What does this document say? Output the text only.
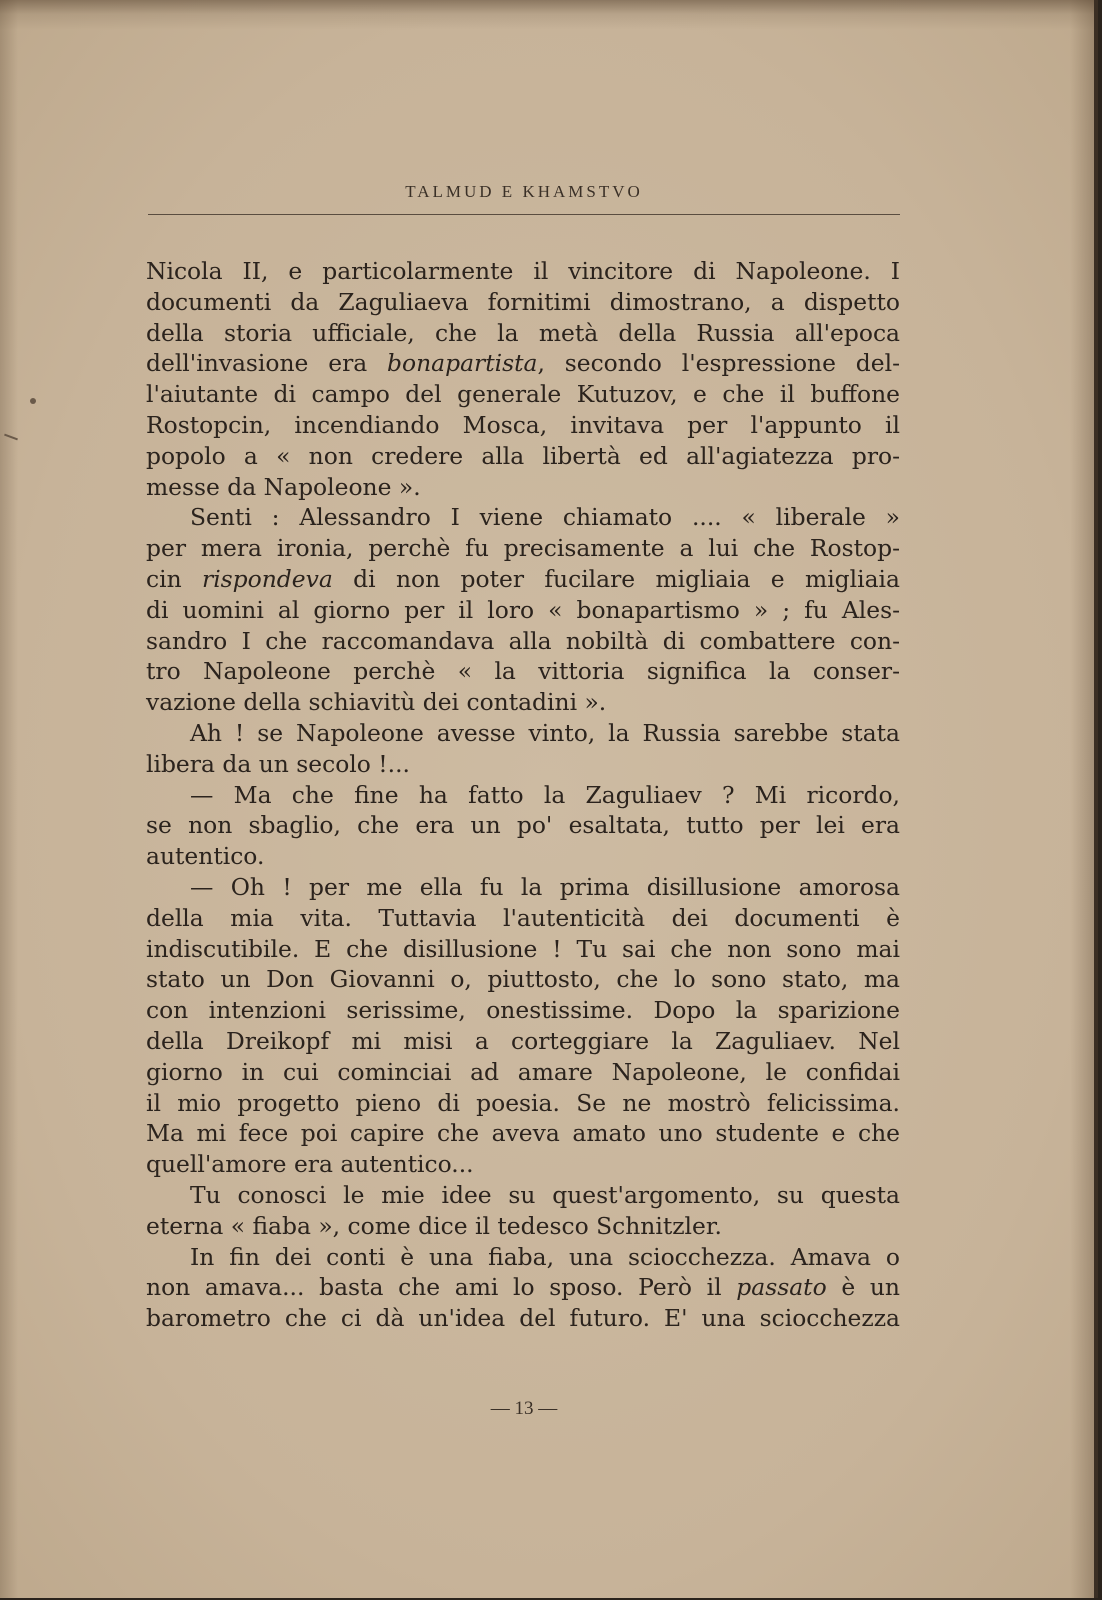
TALMUD E KHAMSTVO
Nicola II, e particolarmente il vincitore di Napoleone. I
documenti da Zaguliaeva fornitimi dimostrano, a dispetto
della storia ufficiale, che la metà della Russia all'epoca
dell'invasione era bonapartista, secondo l'espressione del-
l'aiutante di campo del generale Kutuzov, e che il buffone
Rostopcin, incendiando Mosca, invitava per l'appunto il
popolo a « non credere alla libertà ed all'agiatezza pro-
messe da Napoleone ».
Senti : Alessandro I viene chiamato .... « liberale »
per mera ironia, perchè fu precisamente a lui che Rostop-
cin rispondeva di non poter fucilare migliaia e migliaia
di uomini al giorno per il loro « bonapartismo » ; fu Ales-
sandro I che raccomandava alla nobiltà di combattere con-
tro Napoleone perchè « la vittoria significa la conser-
vazione della schiavitù dei contadini ».
Ah ! se Napoleone avesse vinto, la Russia sarebbe stata
libera da un secolo !...
— Ma che fine ha fatto la Zaguliaev ? Mi ricordo,
se non sbaglio, che era un po' esaltata, tutto per lei era
autentico.
— Oh ! per me ella fu la prima disillusione amorosa
della mia vita. Tuttavia l'autenticità dei documenti è
indiscutibile. E che disillusione ! Tu sai che non sono mai
stato un Don Giovanni o, piuttosto, che lo sono stato, ma
con intenzioni serissime, onestissime. Dopo la sparizione
della Dreikopf mi misi a corteggiare la Zaguliaev. Nel
giorno in cui cominciai ad amare Napoleone, le confidai
il mio progetto pieno di poesia. Se ne mostrò felicissima.
Ma mi fece poi capire che aveva amato uno studente e che
quell'amore era autentico...
Tu conosci le mie idee su quest'argomento, su questa
eterna « fiaba », come dice il tedesco Schnitzler.
In fin dei conti è una fiaba, una sciocchezza. Amava o
non amava... basta che ami lo sposo. Però il passato è un
barometro che ci dà un'idea del futuro. E' una sciocchezza
— 13 —
